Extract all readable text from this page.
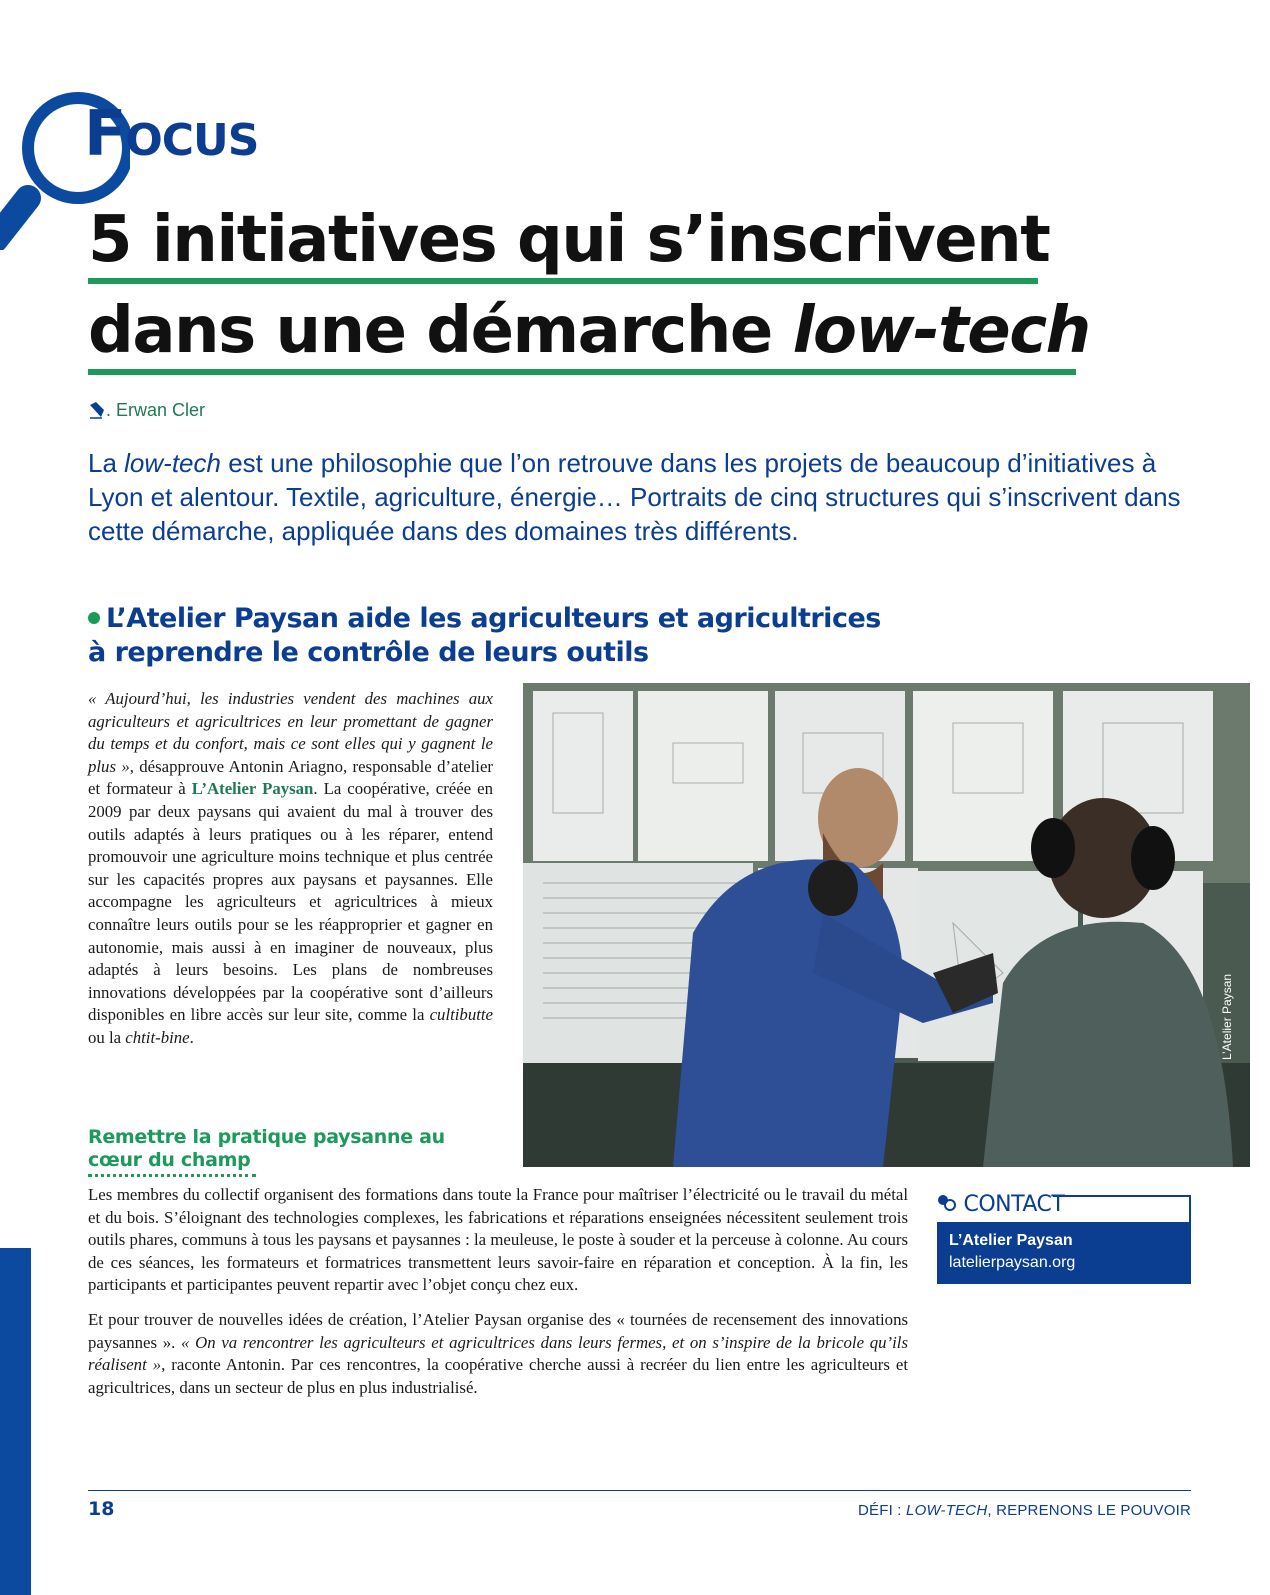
FOCUS
5 initiatives qui s’inscrivent
dans une démarche low-tech
. Erwan Cler
La low-tech est une philosophie que l’on retrouve dans les projets de beaucoup d’initiatives à Lyon et alentour. Textile, agriculture, énergie… Portraits de cinq structures qui s’inscrivent dans cette démarche, appliquée dans des domaines très différents.
L’Atelier Paysan aide les agriculteurs et agricultrices à reprendre le contrôle de leurs outils
« Aujourd’hui, les industries vendent des machines aux agriculteurs et agricultrices en leur promettant de gagner du temps et du confort, mais ce sont elles qui y gagnent le plus », désapprouve Antonin Ariagno, responsable d’atelier et formateur à L’Atelier Paysan. La coopérative, créée en 2009 par deux paysans qui avaient du mal à trouver des outils adaptés à leurs pratiques ou à les réparer, entend promouvoir une agriculture moins technique et plus centrée sur les capacités propres aux paysans et paysannes. Elle accompagne les agriculteurs et agricultrices à mieux connaître leurs outils pour se les réapproprier et gagner en autonomie, mais aussi à en imaginer de nouveaux, plus adaptés à leurs besoins. Les plans de nombreuses innovations développées par la coopérative sont d’ailleurs disponibles en libre accès sur leur site, comme la cultibutte ou la chtit-bine.	L’Atelier Paysan
Remettre la pratique paysanne au cœur du champ

Les membres du collectif organisent des formations dans toute la France pour maîtriser l’électricité ou le travail du métal et du bois. S’éloignant des technologies complexes, les fabrications et réparations enseignées nécessitent seulement trois outils phares, communs à tous les paysans et paysannes : la meuleuse, le poste à souder et la perceuse à colonne. Au cours de ces séances, les formateurs et formatrices transmettent leurs savoir-faire en réparation et conception. À la fin, les participants et participantes peuvent repartir avec l’objet conçu chez eux.

Et pour trouver de nouvelles idées de création, l’Atelier Paysan organise des « tournées de recensement des innovations paysannes ». « On va rencontrer les agriculteurs et agricultrices dans leurs fermes, et on s’inspire de la bricole qu’ils réalisent », raconte Antonin. Par ces rencontres, la coopérative cherche aussi à recréer du lien entre les agriculteurs et agricultrices, dans un secteur de plus en plus industrialisé.

CONTACT
L’Atelier Paysan
latelierpaysan.org
18	DÉFI : LOW-TECH, REPRENONS LE POUVOIR
